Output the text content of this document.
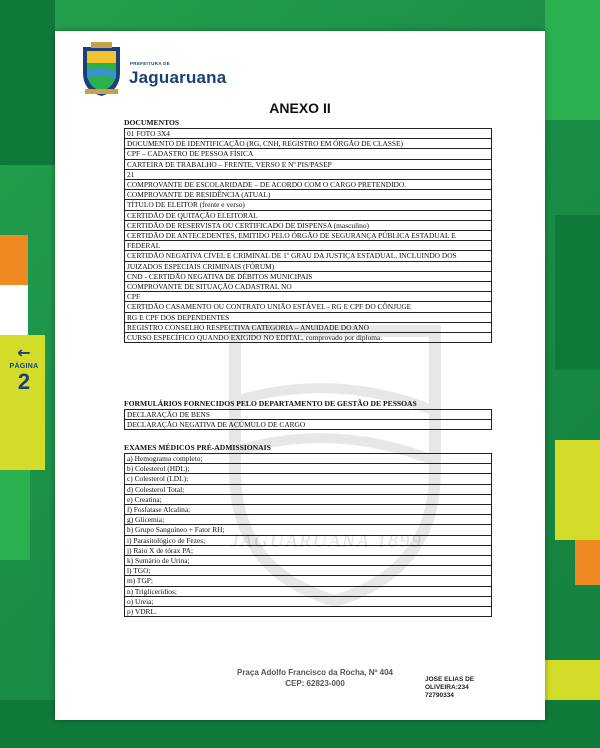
←
PÁGINA
2
PREFEITURA DE
Jaguaruana
JAGUARUANA 1899
ANEXO II
DOCUMENTOS
01 FOTO 3X4
DOCUMENTO DE IDENTIFICAÇÃO (RG, CNH, REGISTRO EM ÓRGÃO DE CLASSE)
CPF – CADASTRO DE PESSOA FÍSICA
CARTEIRA DE TRABALHO – FRENTE, VERSO E Nº PIS/PASEP
21
COMPROVANTE DE ESCOLARIDADE – DE ACORDO COM O CARGO PRETENDIDO.
COMPROVANTE DE RESIDÊNCIA (ATUAL)
TÍTULO DE ELEITOR (frente e verso)
CERTIDÃO DE QUITAÇÃO ELEITORAL
CERTIDÃO DE RESERVISTA OU CERTIFICADO DE DISPENSA (masculino)
CERTIDÃO DE ANTECEDENTES, EMITIDO PELO ÓRGÃO DE SEGURANÇA PÚBLICA ESTADUAL E
FEDERAL
CERTIDÃO NEGATIVA CÍVEL E CRIMINAL DE 1º GRAU DA JUSTIÇA ESTADUAL, INCLUINDO DOS
JUIZADOS ESPECIAIS CRIMINAIS (FÓRUM)
CND - CERTIDÃO NEGATIVA DE DÉBITOS MUNICIPAIS
COMPROVANTE DE SITUAÇÃO CADASTRAL NO
CPF
CERTIDÃO CASAMENTO OU CONTRATO UNIÃO ESTÁVEL - RG E CPF DO CÔNJUGE
RG E CPF DOS DEPENDENTES
REGISTRO CONSELHO RESPECTIVA CATEGORIA – ANUIDADE DO ANO
CURSO ESPECÍFICO QUANDO EXIGIDO NO EDITAL, comprovado por diploma.
FORMULÁRIOS FORNECIDOS PELO DEPARTAMENTO DE GESTÃO DE PESSOAS
DECLARAÇÃO DE BENS
DECLARAÇÃO NEGATIVA DE ACÚMULO DE CARGO
EXAMES MÉDICOS PRÉ-ADMISSIONAIS
a) Hemograma completo;
b) Colesterol (HDL);
c) Colesterol (LDL);
d) Colesterol Total;
e) Creatina;
f) Fosfatase Alcalina;
g) Glicemia;
h) Grupo Sanguíneo + Fator RH;
i) Parasitológico de Fezes;
j) Raio X de tórax PA;
k) Sumário de Urina;
l) TGO;
m) TGP;
n) Triglicerídios;
o) Ureia;
p) VDRL.
Praça Adolfo Francisco da Rocha, Nº 404
CEP: 62823-000	JOSE ELIAS DE
OLIVEIRA:234
72790334
